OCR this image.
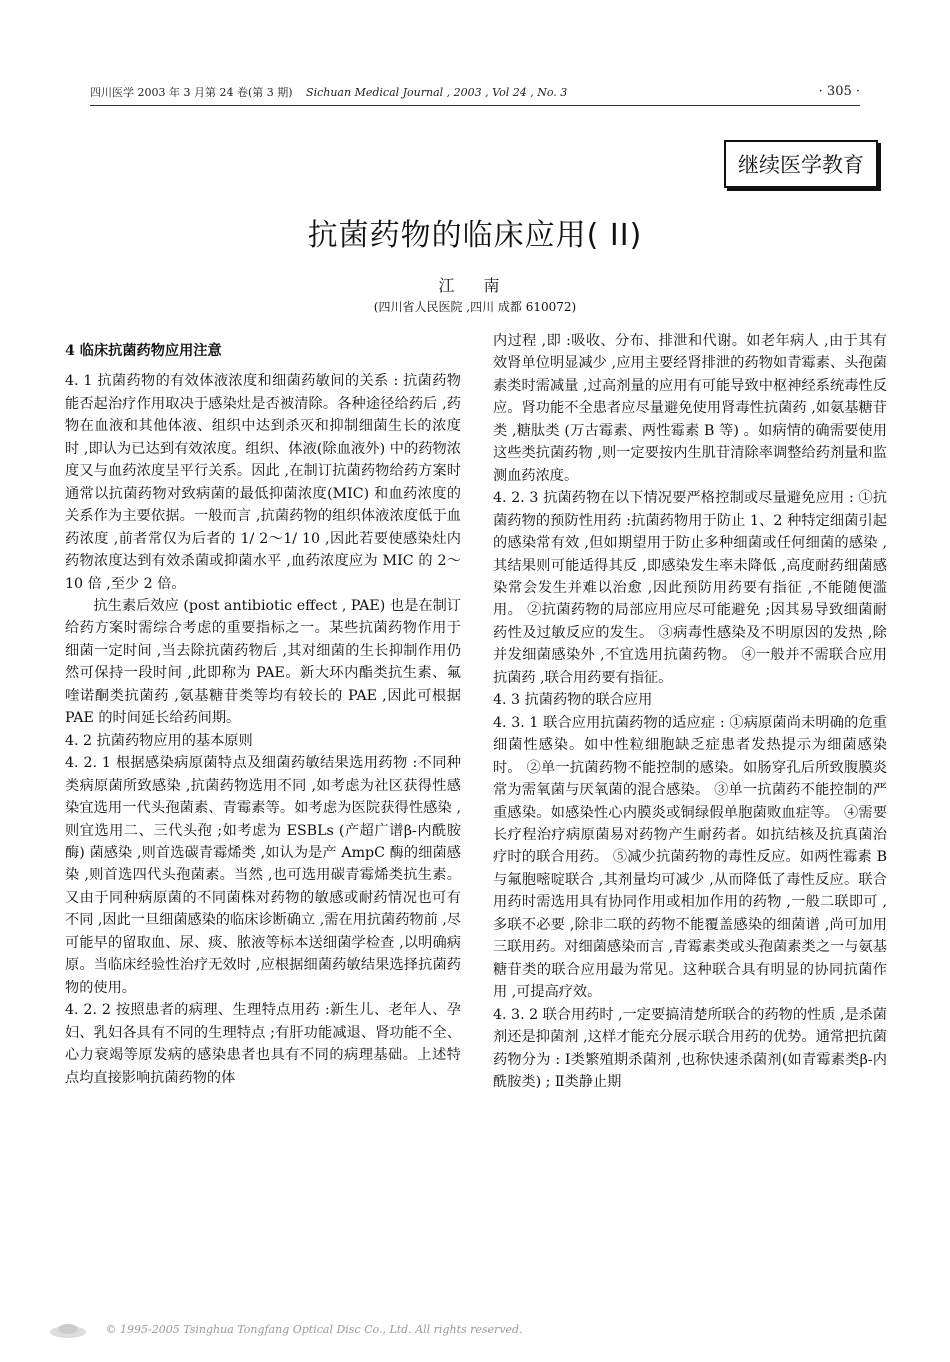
四川医学 2003 年 3 月第 24 卷(第 3 期) Sichuan Medical Journal , 2003 , Vol 24 , No. 3	· 305 ·
继续医学教育
抗菌药物的临床应用( II)
江 南
(四川省人民医院 ,四川 成都 610072)
4 临床抗菌药物应用注意

4. 1 抗菌药物的有效体液浓度和细菌药敏间的关系 : 抗菌药物能否起治疗作用取决于感染灶是否被清除。各种途径给药后 ,药物在血液和其他体液、组织中达到杀灭和抑制细菌生长的浓度时 ,即认为已达到有效浓度。组织、体液(除血液外) 中的药物浓度又与血药浓度呈平行关系。因此 ,在制订抗菌药物给药方案时通常以抗菌药物对致病菌的最低抑菌浓度(MIC) 和血药浓度的关系作为主要依据。一般而言 ,抗菌药物的组织体液浓度低于血药浓度 ,前者常仅为后者的 1/ 2～1/ 10 ,因此若要使感染灶内药物浓度达到有效杀菌或抑菌水平 ,血药浓度应为 MIC 的 2～10 倍 ,至少 2 倍。

抗生素后效应 (post antibiotic effect , PAE) 也是在制订给药方案时需综合考虑的重要指标之一。某些抗菌药物作用于细菌一定时间 ,当去除抗菌药物后 ,其对细菌的生长抑制作用仍然可保持一段时间 ,此即称为 PAE。新大环内酯类抗生素、氟喹诺酮类抗菌药 ,氨基糖苷类等均有较长的 PAE ,因此可根据 PAE 的时间延长给药间期。

4. 2 抗菌药物应用的基本原则

4. 2. 1 根据感染病原菌特点及细菌药敏结果选用药物 :不同种类病原菌所致感染 ,抗菌药物选用不同 ,如考虑为社区获得性感染宜选用一代头孢菌素、青霉素等。如考虑为医院获得性感染 ,则宜选用二、三代头孢 ;如考虑为 ESBLs (产超广谱β-内酰胺酶) 菌感染 ,则首选碳青霉烯类 ,如认为是产 AmpC 酶的细菌感染 ,则首选四代头孢菌素。当然 ,也可选用碳青霉烯类抗生素。又由于同种病原菌的不同菌株对药物的敏感或耐药情况也可有不同 ,因此一旦细菌感染的临床诊断确立 ,需在用抗菌药物前 ,尽可能早的留取血、尿、痰、脓液等标本送细菌学检查 ,以明确病原。当临床经验性治疗无效时 ,应根据细菌药敏结果选择抗菌药物的使用。

4. 2. 2 按照患者的病理、生理特点用药 :新生儿、老年人、孕妇、乳妇各具有不同的生理特点 ;有肝功能减退、肾功能不全、心力衰竭等原发病的感染患者也具有不同的病理基础。上述特点均直接影响抗菌药物的体

内过程 ,即 :吸收、分布、排泄和代谢。如老年病人 ,由于其有效肾单位明显减少 ,应用主要经肾排泄的药物如青霉素、头孢菌素类时需减量 ,过高剂量的应用有可能导致中枢神经系统毒性反应。肾功能不全患者应尽量避免使用肾毒性抗菌药 ,如氨基糖苷类 ,糖肽类 (万古霉素、两性霉素 B 等) 。如病情的确需要使用这些类抗菌药物 ,则一定要按内生肌苷清除率调整给药剂量和监测血药浓度。

4. 2. 3 抗菌药物在以下情况要严格控制或尽量避免应用 : ①抗菌药物的预防性用药 :抗菌药物用于防止 1、2 种特定细菌引起的感染常有效 ,但如期望用于防止多种细菌或任何细菌的感染 ,其结果则可能适得其反 ,即感染发生率未降低 ,高度耐药细菌感染常会发生并难以治愈 ,因此预防用药要有指征 ,不能随便滥用。 ②抗菌药物的局部应用应尽可能避免 ;因其易导致细菌耐药性及过敏反应的发生。 ③病毒性感染及不明原因的发热 ,除并发细菌感染外 ,不宜选用抗菌药物。 ④一般并不需联合应用抗菌药 ,联合用药要有指征。

4. 3 抗菌药物的联合应用

4. 3. 1 联合应用抗菌药物的适应症 : ①病原菌尚未明确的危重细菌性感染。如中性粒细胞缺乏症患者发热提示为细菌感染时。 ②单一抗菌药物不能控制的感染。如肠穿孔后所致腹膜炎常为需氧菌与厌氧菌的混合感染。 ③单一抗菌药不能控制的严重感染。如感染性心内膜炎或铜绿假单胞菌败血症等。 ④需要长疗程治疗病原菌易对药物产生耐药者。如抗结核及抗真菌治疗时的联合用药。 ⑤减少抗菌药物的毒性反应。如两性霉素 B 与氟胞嘧啶联合 ,其剂量均可减少 ,从而降低了毒性反应。联合用药时需选用具有协同作用或相加作用的药物 ,一般二联即可 ,多联不必要 ,除非二联的药物不能覆盖感染的细菌谱 ,尚可加用三联用药。对细菌感染而言 ,青霉素类或头孢菌素类之一与氨基糖苷类的联合应用最为常见。这种联合具有明显的协同抗菌作用 ,可提高疗效。

4. 3. 2 联合用药时 ,一定要搞清楚所联合的药物的性质 ,是杀菌剂还是抑菌剂 ,这样才能充分展示联合用药的优势。通常把抗菌药物分为 : Ⅰ类繁殖期杀菌剂 ,也称快速杀菌剂(如青霉素类β-内酰胺类) ; Ⅱ类静止期

© 1995-2005 Tsinghua Tongfang Optical Disc Co., Ltd. All rights reserved.
